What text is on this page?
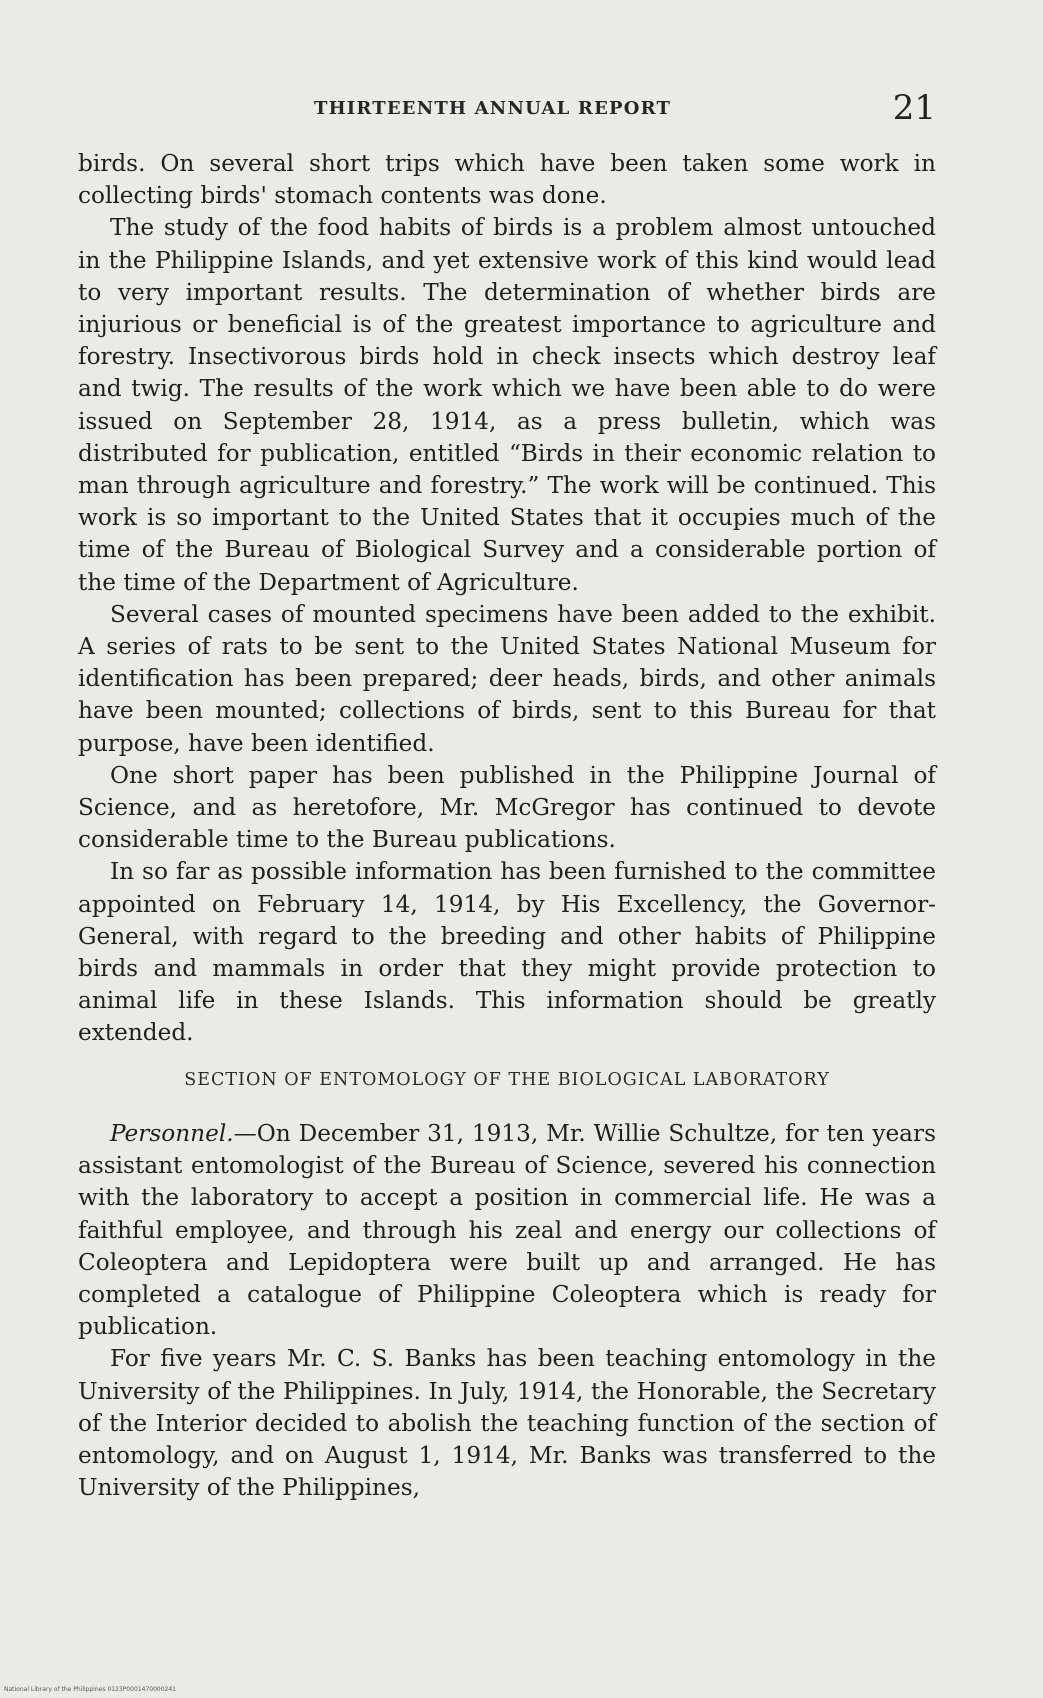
THIRTEENTH ANNUAL REPORT	21

birds. On several short trips which have been taken some work in collecting birds' stomach contents was done.

The study of the food habits of birds is a problem almost untouched in the Philippine Islands, and yet extensive work of this kind would lead to very important results. The determination of whether birds are injurious or beneficial is of the greatest importance to agriculture and forestry. Insectivorous birds hold in check insects which destroy leaf and twig. The results of the work which we have been able to do were issued on September 28, 1914, as a press bulletin, which was distributed for publication, entitled “Birds in their economic relation to man through agriculture and forestry.” The work will be continued. This work is so important to the United States that it occupies much of the time of the Bureau of Biological Survey and a considerable portion of the time of the Department of Agriculture.

Several cases of mounted specimens have been added to the exhibit. A series of rats to be sent to the United States National Museum for identification has been prepared; deer heads, birds, and other animals have been mounted; collections of birds, sent to this Bureau for that purpose, have been identified.

One short paper has been published in the Philippine Journal of Science, and as heretofore, Mr. McGregor has continued to devote considerable time to the Bureau publications.

In so far as possible information has been furnished to the committee appointed on February 14, 1914, by His Excellency, the Governor-General, with regard to the breeding and other habits of Philippine birds and mammals in order that they might provide protection to animal life in these Islands. This information should be greatly extended.

SECTION OF ENTOMOLOGY OF THE BIOLOGICAL LABORATORY

Personnel.—On December 31, 1913, Mr. Willie Schultze, for ten years assistant entomologist of the Bureau of Science, severed his connection with the laboratory to accept a position in commercial life. He was a faithful employee, and through his zeal and energy our collections of Coleoptera and Lepidoptera were built up and arranged. He has completed a catalogue of Philippine Coleoptera which is ready for publication.

For five years Mr. C. S. Banks has been teaching entomology in the University of the Philippines. In July, 1914, the Honorable, the Secretary of the Interior decided to abolish the teaching function of the section of entomology, and on August 1, 1914, Mr. Banks was transferred to the University of the Philippines,

National Library of the Philippines 0123P0001470000241
